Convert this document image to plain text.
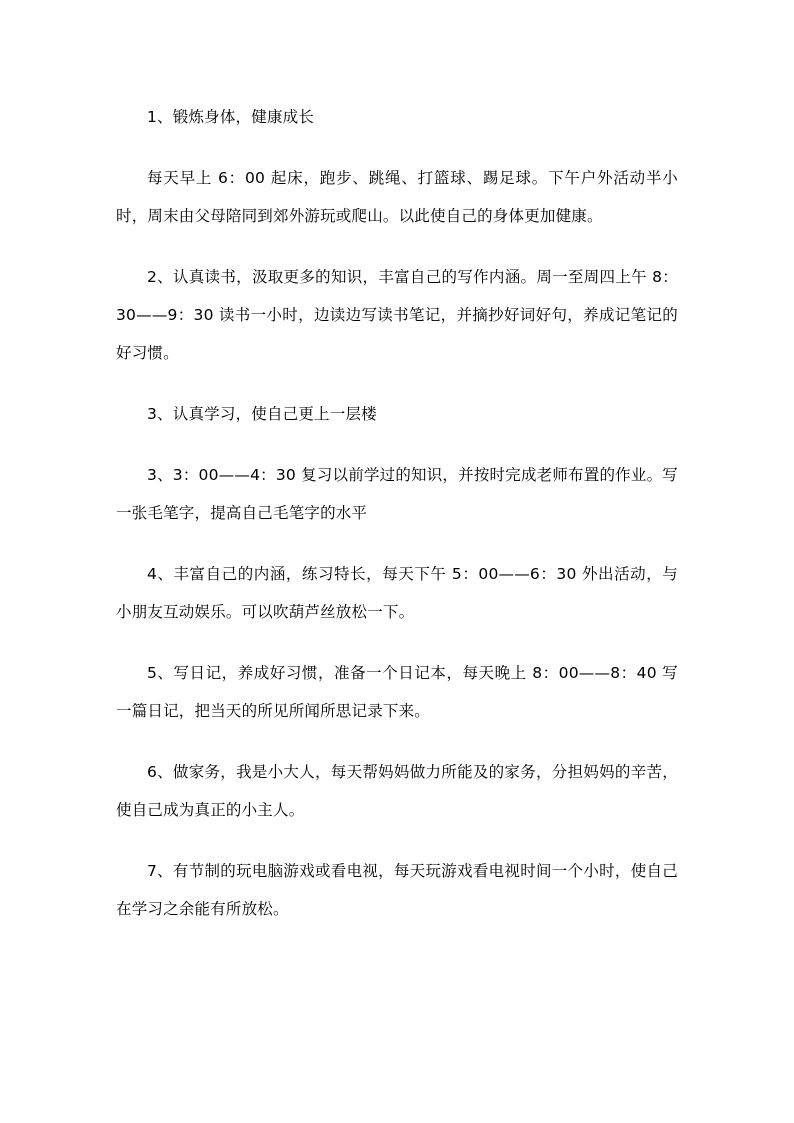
1、锻炼身体，健康成长

每天早上 6：00 起床，跑步、跳绳、打篮球、踢足球。下午户外活动半小时，周末由父母陪同到郊外游玩或爬山。以此使自己的身体更加健康。

2、认真读书，汲取更多的知识，丰富自己的写作内涵。周一至周四上午 8：30——9：30 读书一小时，边读边写读书笔记，并摘抄好词好句，养成记笔记的好习惯。

3、认真学习，使自己更上一层楼

3、3：00——4：30 复习以前学过的知识，并按时完成老师布置的作业。写一张毛笔字，提高自己毛笔字的水平

4、丰富自己的内涵，练习特长，每天下午 5：00——6：30 外出活动，与小朋友互动娱乐。可以吹葫芦丝放松一下。

5、写日记，养成好习惯，准备一个日记本，每天晚上 8：00——8：40 写一篇日记，把当天的所见所闻所思记录下来。

6、做家务，我是小大人，每天帮妈妈做力所能及的家务，分担妈妈的辛苦，使自己成为真正的小主人。

7、有节制的玩电脑游戏或看电视，每天玩游戏看电视时间一个小时，使自己在学习之余能有所放松。
